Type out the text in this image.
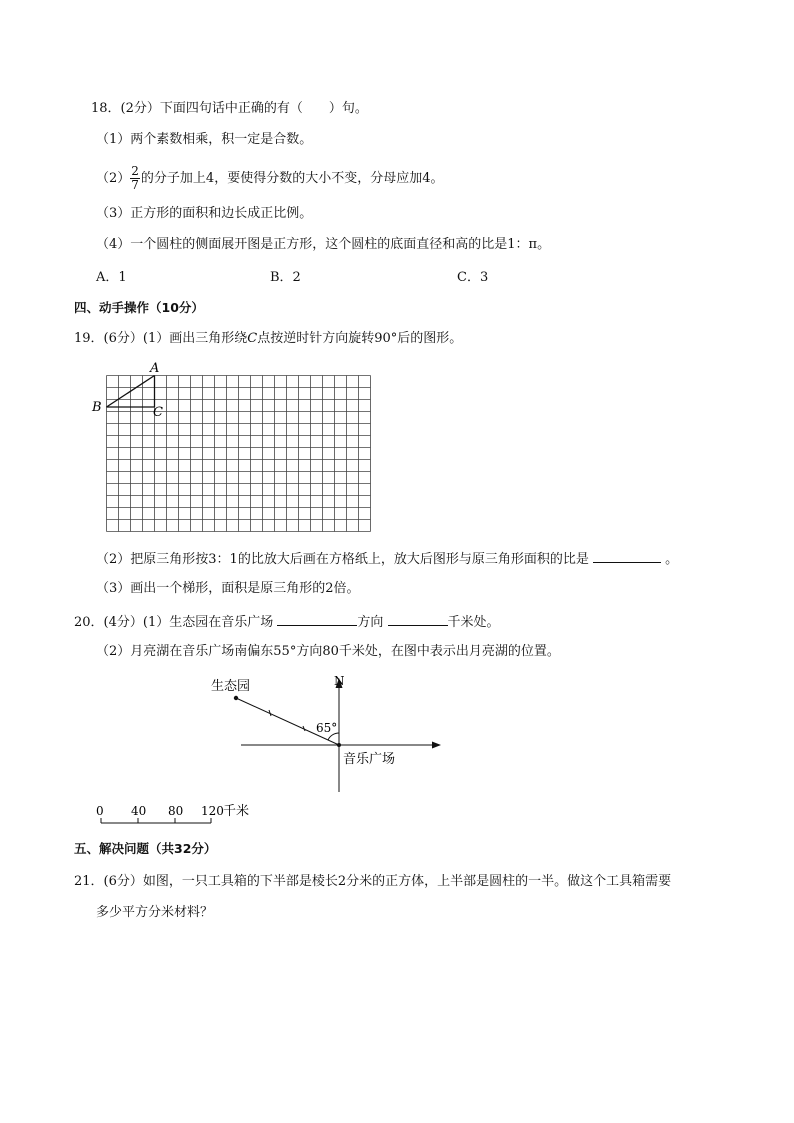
18．(2分）下面四句话中正确的有（　　）句。
（1）两个素数相乘，积一定是合数。
$(2) \frac{2}{7}$ 的分子加上4，要使得分数的大小不变，分母应加4。
（3）正方形的面积和边长成正比例。
（4）一个圆柱的侧面展开图是正方形，这个圆柱的底面直径和高的比是1：π。
A．1	B．2	C．3
四、动手操作（10分）
19．(6分）(1）画出三角形绕C点按逆时针方向旋转90°后的图形。
A
B	C
生态园	N
65°
音乐广场
0 40 80 120 千米
（2）把原三角形按3：1的比放大后画在方格纸上，放大后图形与原三角形面积的比是	。
（3）画出一个梯形，面积是原三角形的2倍。
20．(4分）(1）生态园在音乐广场	方向	千米处。
（2）月亮湖在音乐广场南偏东55°方向80千米处，在图中表示出月亮湖的位置。
五、解决问题（共32分）
21．(6分）如图，一只工具箱的下半部是棱长2分米的正方体，上半部是圆柱的一半。做这个工具箱需要
多少平方分米材料？
